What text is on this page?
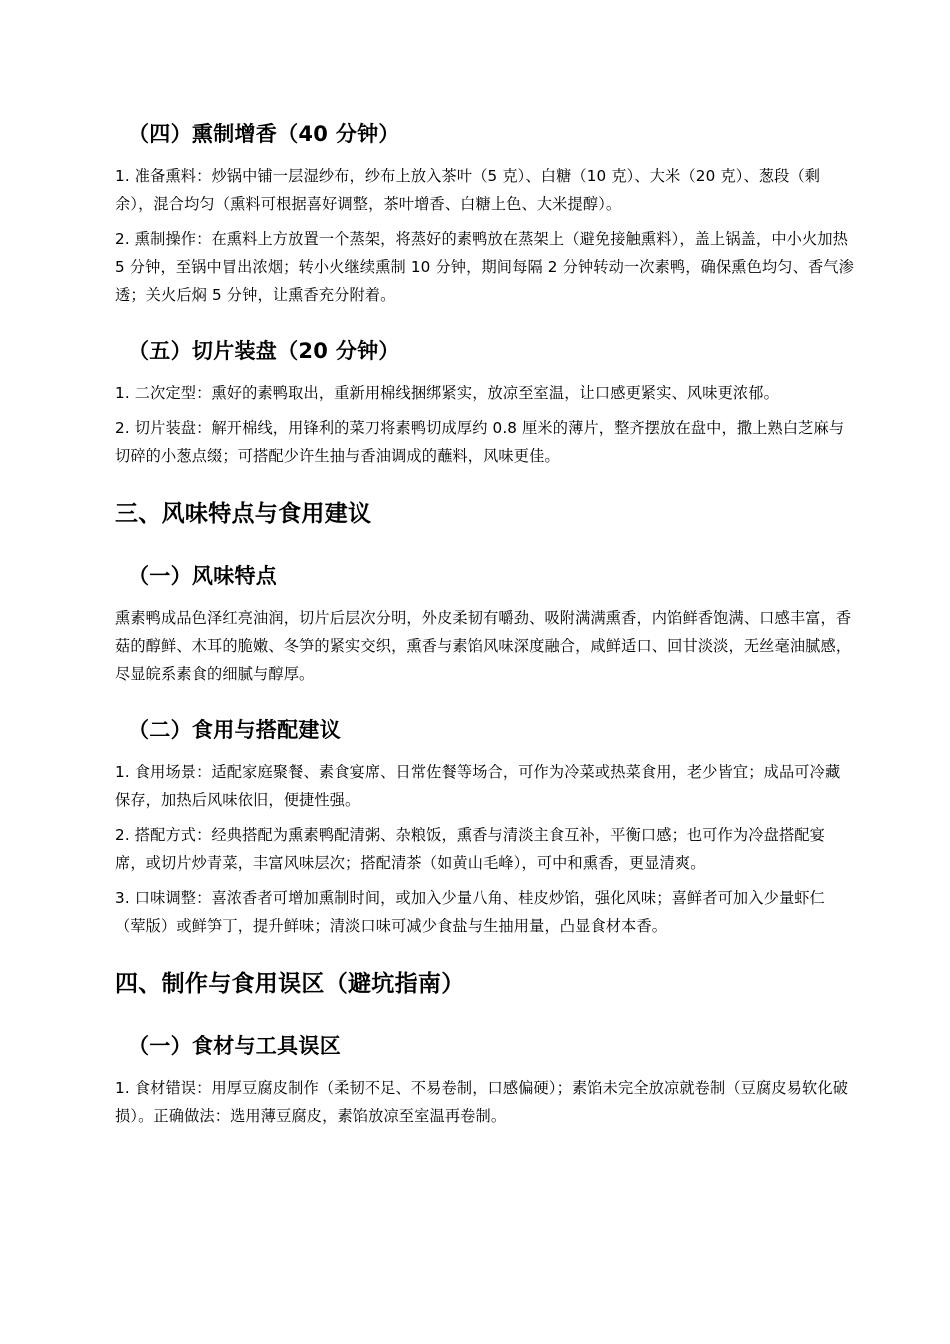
（四）熏制增香（40 分钟）

1. 准备熏料：炒锅中铺一层湿纱布，纱布上放入茶叶（5 克）、白糖（10 克）、大米（20 克）、葱段（剩余），混合均匀（熏料可根据喜好调整，茶叶增香、白糖上色、大米提醇）。

2. 熏制操作：在熏料上方放置一个蒸架，将蒸好的素鸭放在蒸架上（避免接触熏料），盖上锅盖，中小火加热 5 分钟，至锅中冒出浓烟；转小火继续熏制 10 分钟，期间每隔 2 分钟转动一次素鸭，确保熏色均匀、香气渗透；关火后焖 5 分钟，让熏香充分附着。

（五）切片装盘（20 分钟）

1. 二次定型：熏好的素鸭取出，重新用棉线捆绑紧实，放凉至室温，让口感更紧实、风味更浓郁。

2. 切片装盘：解开棉线，用锋利的菜刀将素鸭切成厚约 0.8 厘米的薄片，整齐摆放在盘中，撒上熟白芝麻与切碎的小葱点缀；可搭配少许生抽与香油调成的蘸料，风味更佳。

三、风味特点与食用建议
（一）风味特点

熏素鸭成品色泽红亮油润，切片后层次分明，外皮柔韧有嚼劲、吸附满满熏香，内馅鲜香饱满、口感丰富，香菇的醇鲜、木耳的脆嫩、冬笋的紧实交织，熏香与素馅风味深度融合，咸鲜适口、回甘淡淡，无丝毫油腻感，尽显皖系素食的细腻与醇厚。

（二）食用与搭配建议

1. 食用场景：适配家庭聚餐、素食宴席、日常佐餐等场合，可作为冷菜或热菜食用，老少皆宜；成品可冷藏保存，加热后风味依旧，便捷性强。

2. 搭配方式：经典搭配为熏素鸭配清粥、杂粮饭，熏香与清淡主食互补，平衡口感；也可作为冷盘搭配宴席，或切片炒青菜，丰富风味层次；搭配清茶（如黄山毛峰），可中和熏香，更显清爽。

3. 口味调整：喜浓香者可增加熏制时间，或加入少量八角、桂皮炒馅，强化风味；喜鲜者可加入少量虾仁（荤版）或鲜笋丁，提升鲜味；清淡口味可减少食盐与生抽用量，凸显食材本香。

四、制作与食用误区（避坑指南）
（一）食材与工具误区

1. 食材错误：用厚豆腐皮制作（柔韧不足、不易卷制，口感偏硬）；素馅未完全放凉就卷制（豆腐皮易软化破损）。正确做法：选用薄豆腐皮，素馅放凉至室温再卷制。
